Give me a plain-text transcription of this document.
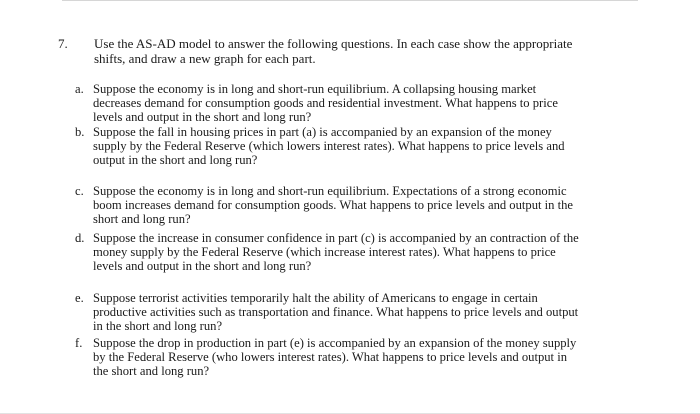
7. Use the AS-AD model to answer the following questions. In each case show the appropriate
shifts, and draw a new graph for each part.
a. Suppose the economy is in long and short-run equilibrium. A collapsing housing market
decreases demand for consumption goods and residential investment. What happens to price
levels and output in the short and long run?
b. Suppose the fall in housing prices in part (a) is accompanied by an expansion of the money
supply by the Federal Reserve (which lowers interest rates). What happens to price levels and
output in the short and long run?
c. Suppose the economy is in long and short-run equilibrium. Expectations of a strong economic
boom increases demand for consumption goods. What happens to price levels and output in the
short and long run?
d. Suppose the increase in consumer confidence in part (c) is accompanied by an contraction of the
money supply by the Federal Reserve (which increase interest rates). What happens to price
levels and output in the short and long run?
e. Suppose terrorist activities temporarily halt the ability of Americans to engage in certain
productive activities such as transportation and finance. What happens to price levels and output
in the short and long run?
f. Suppose the drop in production in part (e) is accompanied by an expansion of the money supply
by the Federal Reserve (who lowers interest rates). What happens to price levels and output in
the short and long run?
